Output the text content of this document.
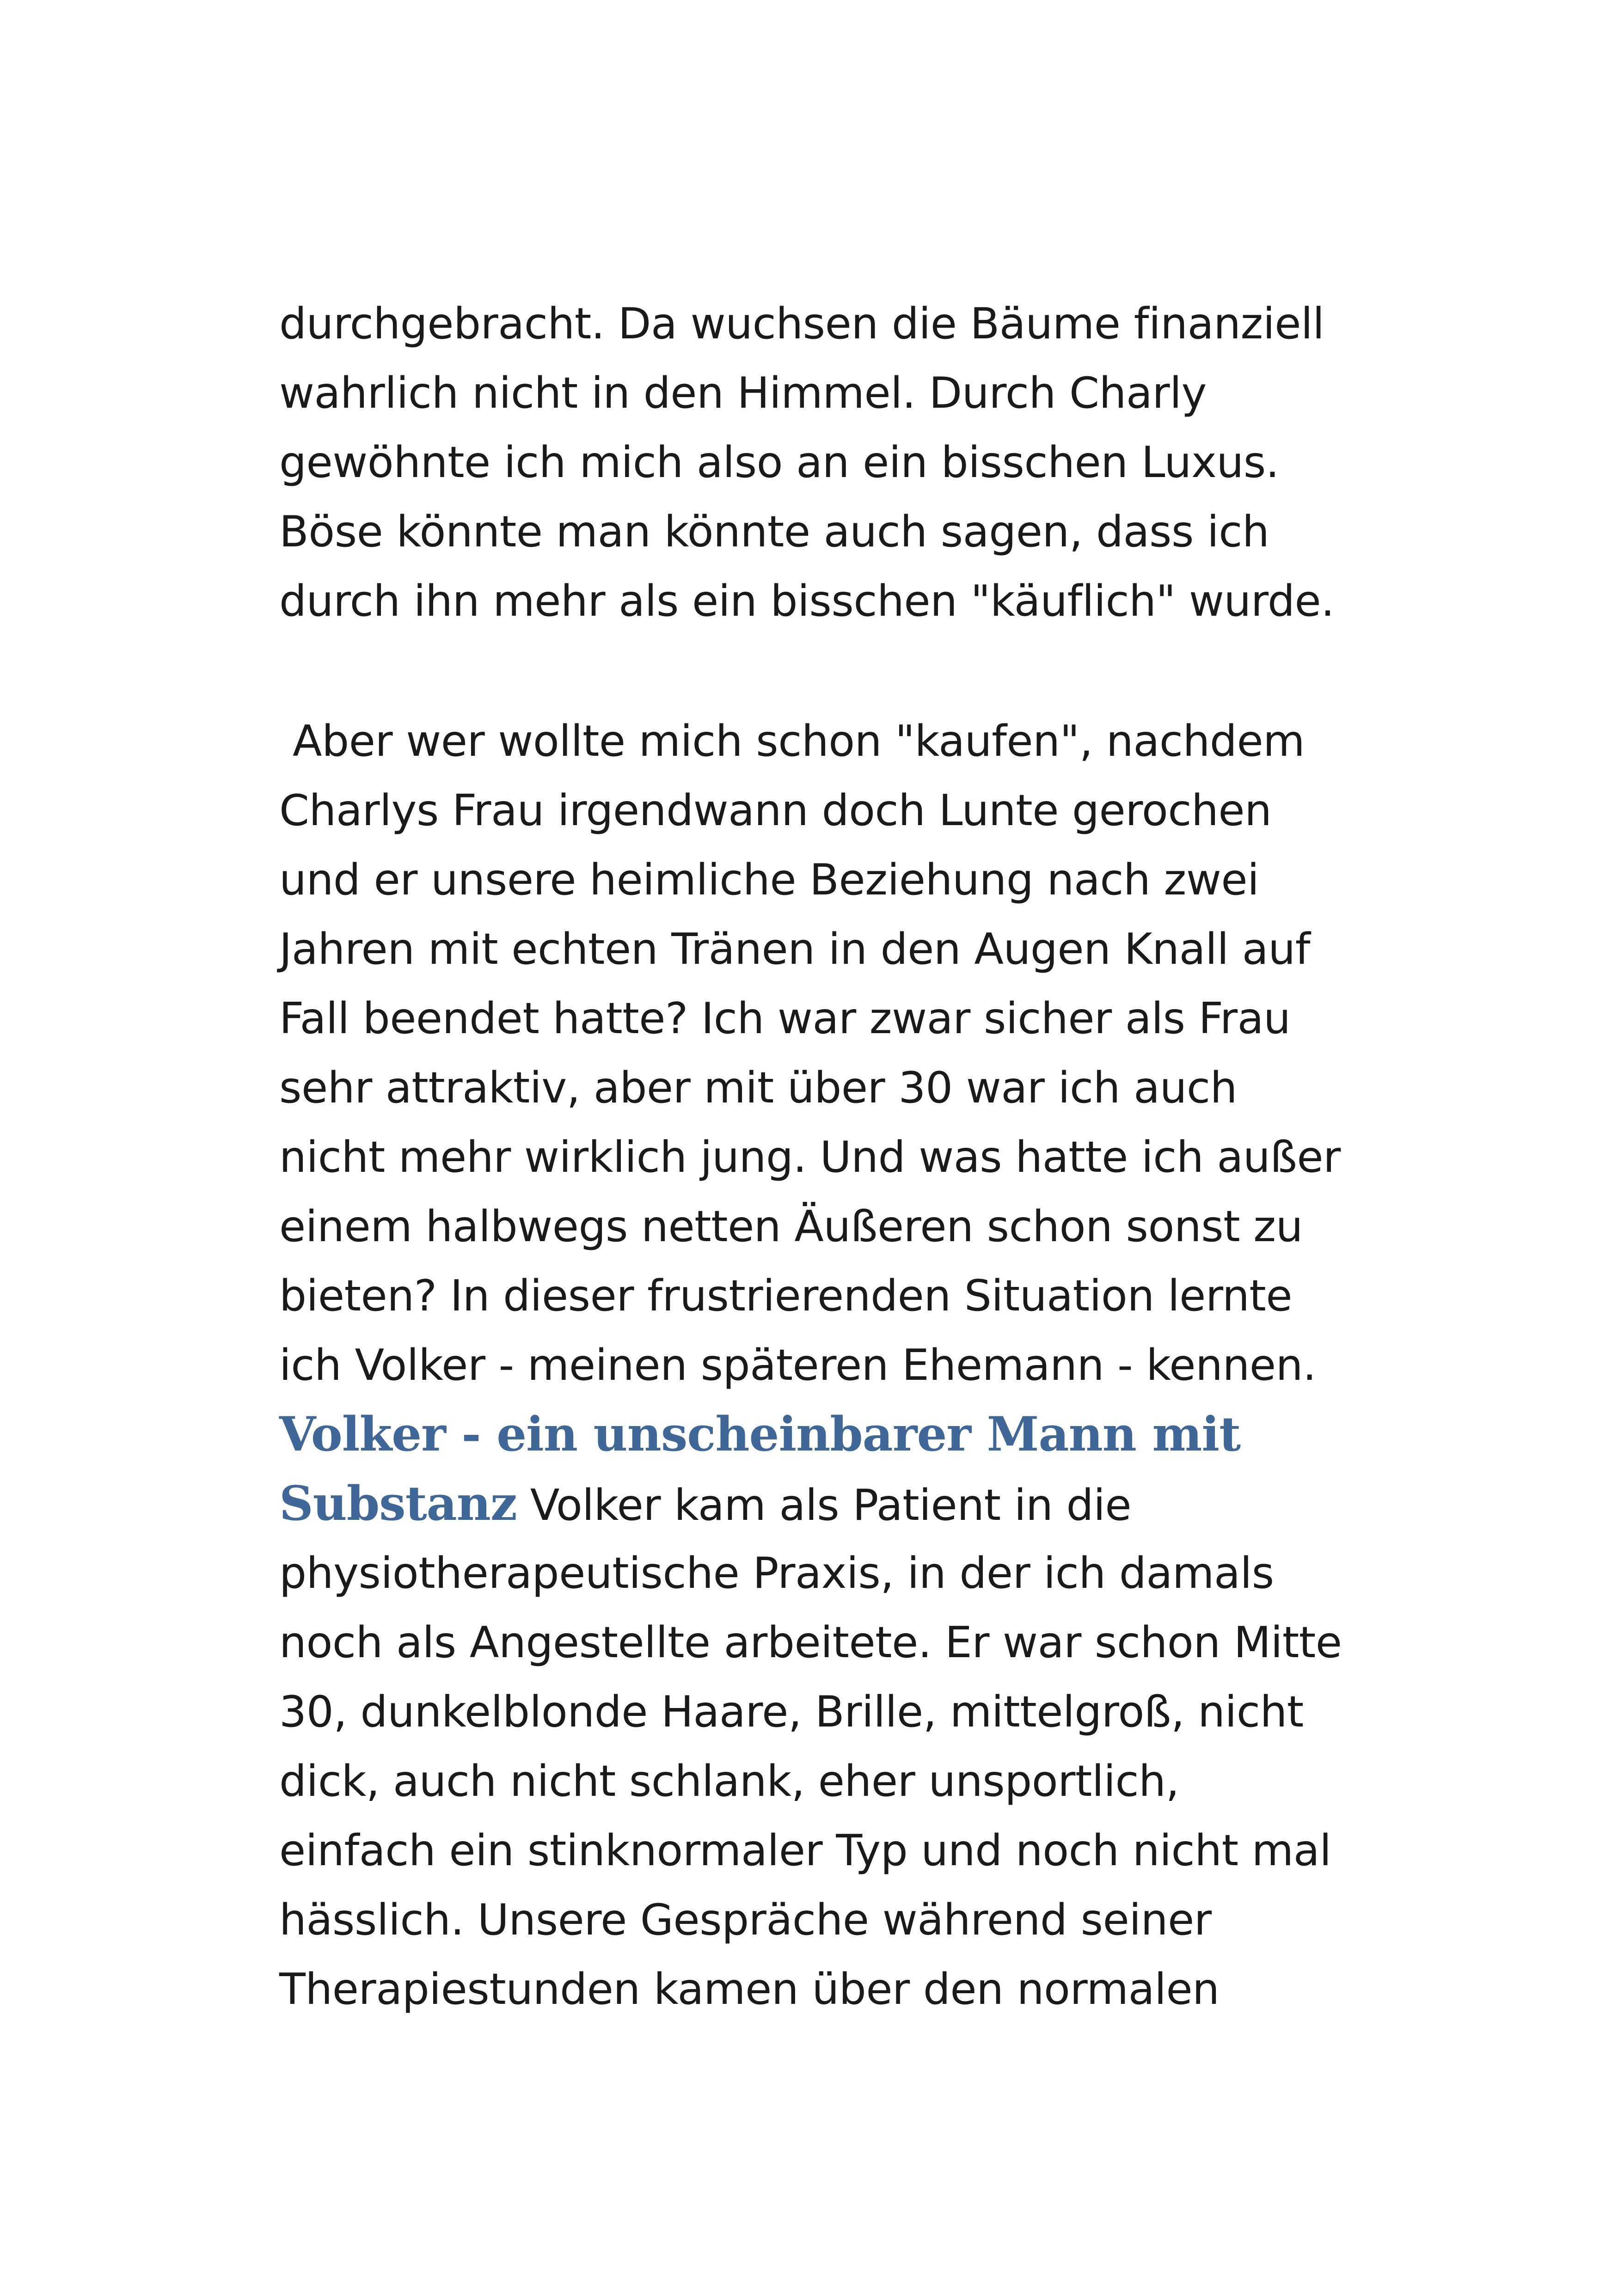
durchgebracht. Da wuchsen die Bäume finanziell
wahrlich nicht in den Himmel. Durch Charly
gewöhnte ich mich also an ein bisschen Luxus.
Böse könnte man könnte auch sagen, dass ich
durch ihn mehr als ein bisschen "käuflich" wurde.
Aber wer wollte mich schon "kaufen", nachdem
Charlys Frau irgendwann doch Lunte gerochen
und er unsere heimliche Beziehung nach zwei
Jahren mit echten Tränen in den Augen Knall auf
Fall beendet hatte? Ich war zwar sicher als Frau
sehr attraktiv, aber mit über 30 war ich auch
nicht mehr wirklich jung. Und was hatte ich außer
einem halbwegs netten Äußeren schon sonst zu
bieten? In dieser frustrierenden Situation lernte
ich Volker - meinen späteren Ehemann - kennen.
Volker - ein unscheinbarer Mann mit
Substanz Volker kam als Patient in die
physiotherapeutische Praxis, in der ich damals
noch als Angestellte arbeitete. Er war schon Mitte
30, dunkelblonde Haare, Brille, mittelgroß, nicht
dick, auch nicht schlank, eher unsportlich,
einfach ein stinknormaler Typ und noch nicht mal
hässlich. Unsere Gespräche während seiner
Therapiestunden kamen über den normalen
